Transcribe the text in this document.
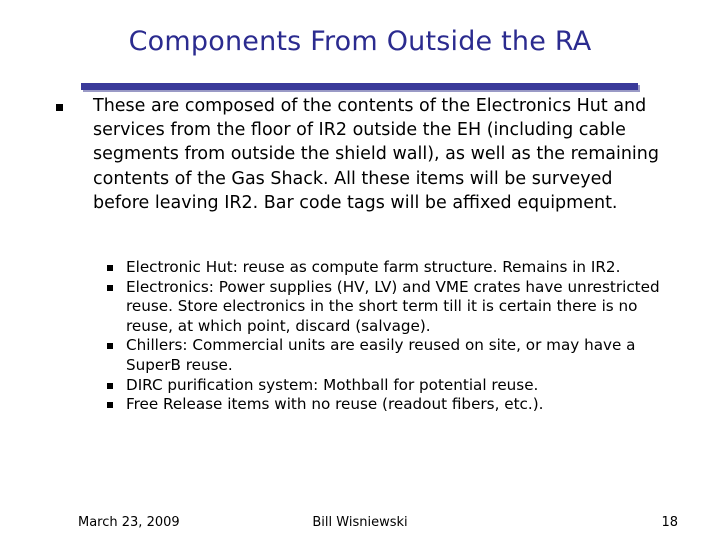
Components From Outside the RA
These are composed of the contents of the Electronics Hut and services from the floor of IR2 outside the EH (including cable segments from outside the shield wall), as well as the remaining contents of the Gas Shack. All these items will be surveyed before leaving IR2. Bar code tags will be affixed equipment.
Electronic Hut: reuse as compute farm structure. Remains in IR2.
Electronics: Power supplies (HV, LV) and VME crates have unrestricted reuse. Store electronics in the short term till it is certain there is no reuse, at which point, discard (salvage).
Chillers: Commercial units are easily reused on site, or may have a SuperB reuse.
DIRC purification system: Mothball for potential reuse.
Free Release items with no reuse (readout fibers, etc.).
March 23, 2009	Bill Wisniewski	18
